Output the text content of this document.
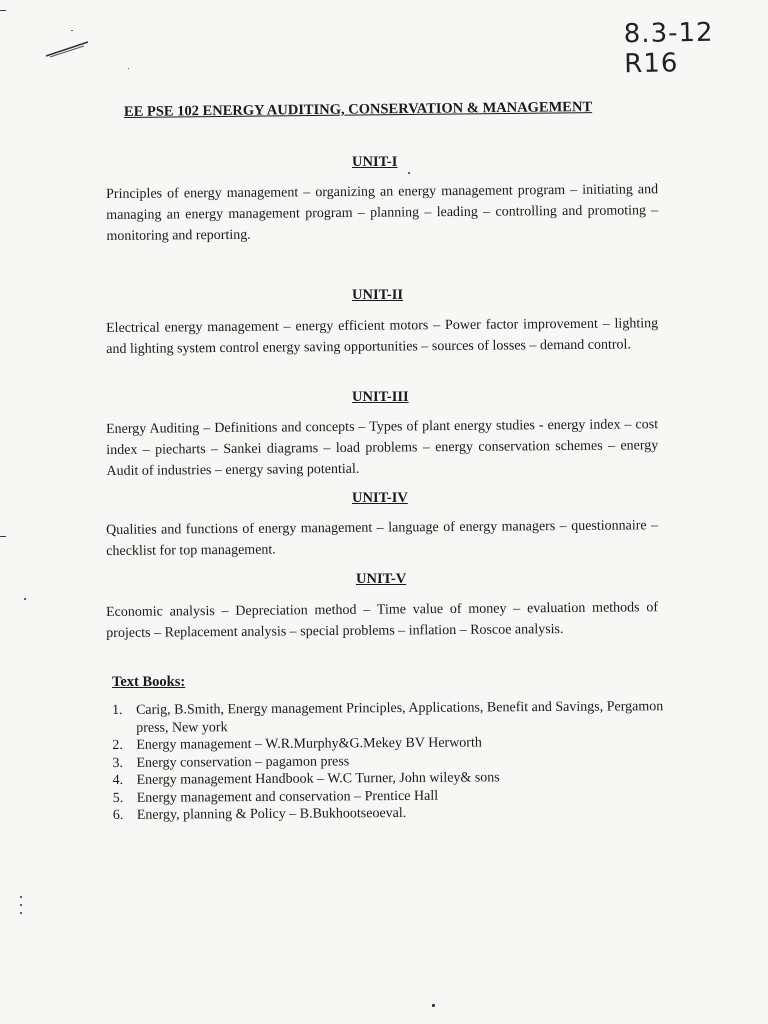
8.3-12 R16
EE PSE 102 ENERGY AUDITING, CONSERVATION & MANAGEMENT
UNIT-I
Principles of energy management – organizing an energy management program – initiating and managing an energy management program – planning – leading – controlling and promoting – monitoring and reporting.
UNIT-II
Electrical energy management – energy efficient motors – Power factor improvement – lighting and lighting system control energy saving opportunities – sources of losses – demand control.
UNIT-III
Energy Auditing – Definitions and concepts – Types of plant energy studies - energy index – cost index – piecharts – Sankei diagrams – load problems – energy conservation schemes – energy Audit of industries – energy saving potential.
UNIT-IV
Qualities and functions of energy management – language of energy managers – questionnaire – checklist for top management.
UNIT-V
Economic analysis – Depreciation method – Time value of money – evaluation methods of projects – Replacement analysis – special problems – inflation – Roscoe analysis.
Text Books:
1. Carig, B.Smith, Energy management Principles, Applications, Benefit and Savings, Pergamon press, New york
2. Energy management – W.R.Murphy&G.Mekey BV Herworth
3. Energy conservation – pagamon press
4. Energy management Handbook – W.C Turner, John wiley& sons
5. Energy management and conservation – Prentice Hall
6. Energy, planning & Policy – B.Bukhootseoeval.
